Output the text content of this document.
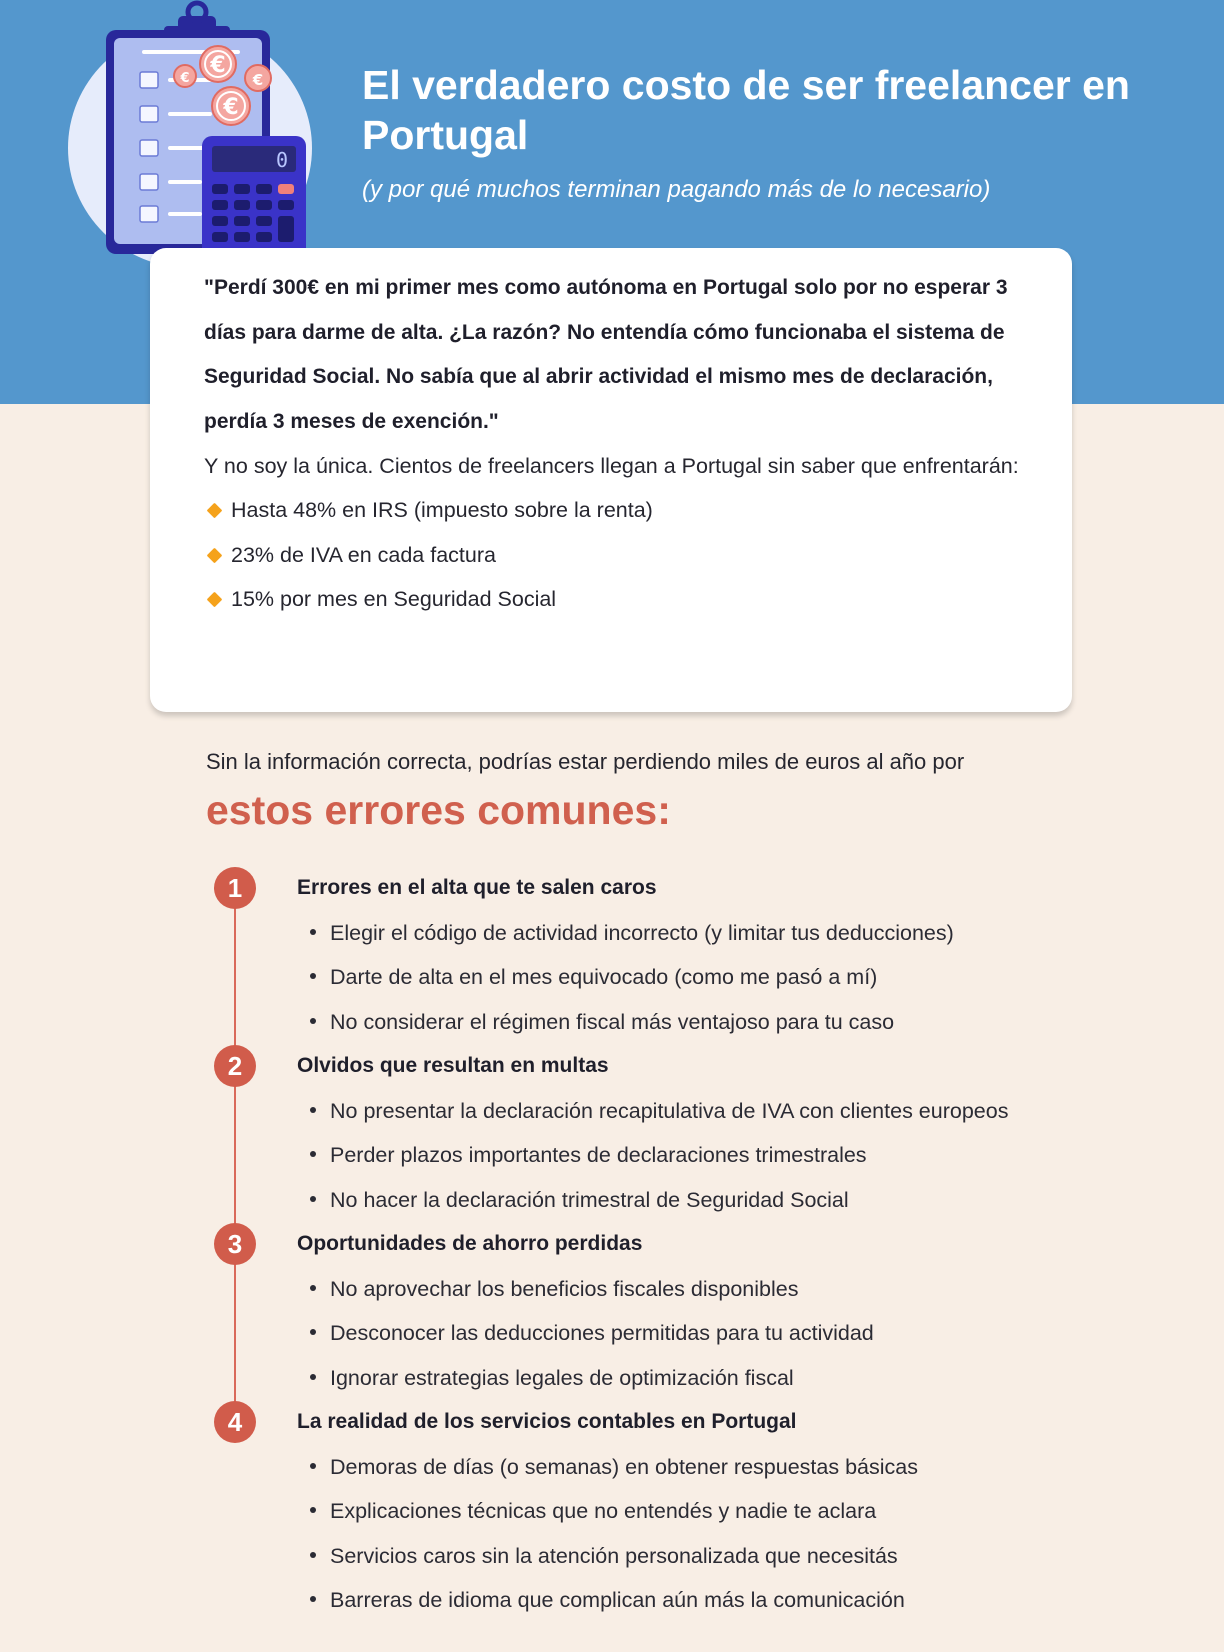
€
€	€
€
0
El verdadero costo de ser freelancer en Portugal

(y por qué muchos terminan pagando más de lo necesario)

"Perdí 300€ en mi primer mes como autónoma en Portugal solo por no esperar 3 días para darme de alta. ¿La razón? No entendía cómo funcionaba el sistema de Seguridad Social. No sabía que al abrir actividad el mismo mes de declaración, perdía 3 meses de exención."

Y no soy la única. Cientos de freelancers llegan a Portugal sin saber que enfrentarán:

Hasta 48% en IRS (impuesto sobre la renta)
23% de IVA en cada factura
15% por mes en Seguridad Social

Sin la información correcta, podrías estar perdiendo miles de euros al año por

estos errores comunes:
1	Errores en el alta que te salen caros
Elegir el código de actividad incorrecto (y limitar tus deducciones)
Darte de alta en el mes equivocado (como me pasó a mí)
No considerar el régimen fiscal más ventajoso para tu caso
2	Olvidos que resultan en multas
No presentar la declaración recapitulativa de IVA con clientes europeos
Perder plazos importantes de declaraciones trimestrales
No hacer la declaración trimestral de Seguridad Social
3	Oportunidades de ahorro perdidas
No aprovechar los beneficios fiscales disponibles
Desconocer las deducciones permitidas para tu actividad
Ignorar estrategias legales de optimización fiscal
4	La realidad de los servicios contables en Portugal
Demoras de días (o semanas) en obtener respuestas básicas
Explicaciones técnicas que no entendés y nadie te aclara
Servicios caros sin la atención personalizada que necesitás
Barreras de idioma que complican aún más la comunicación
